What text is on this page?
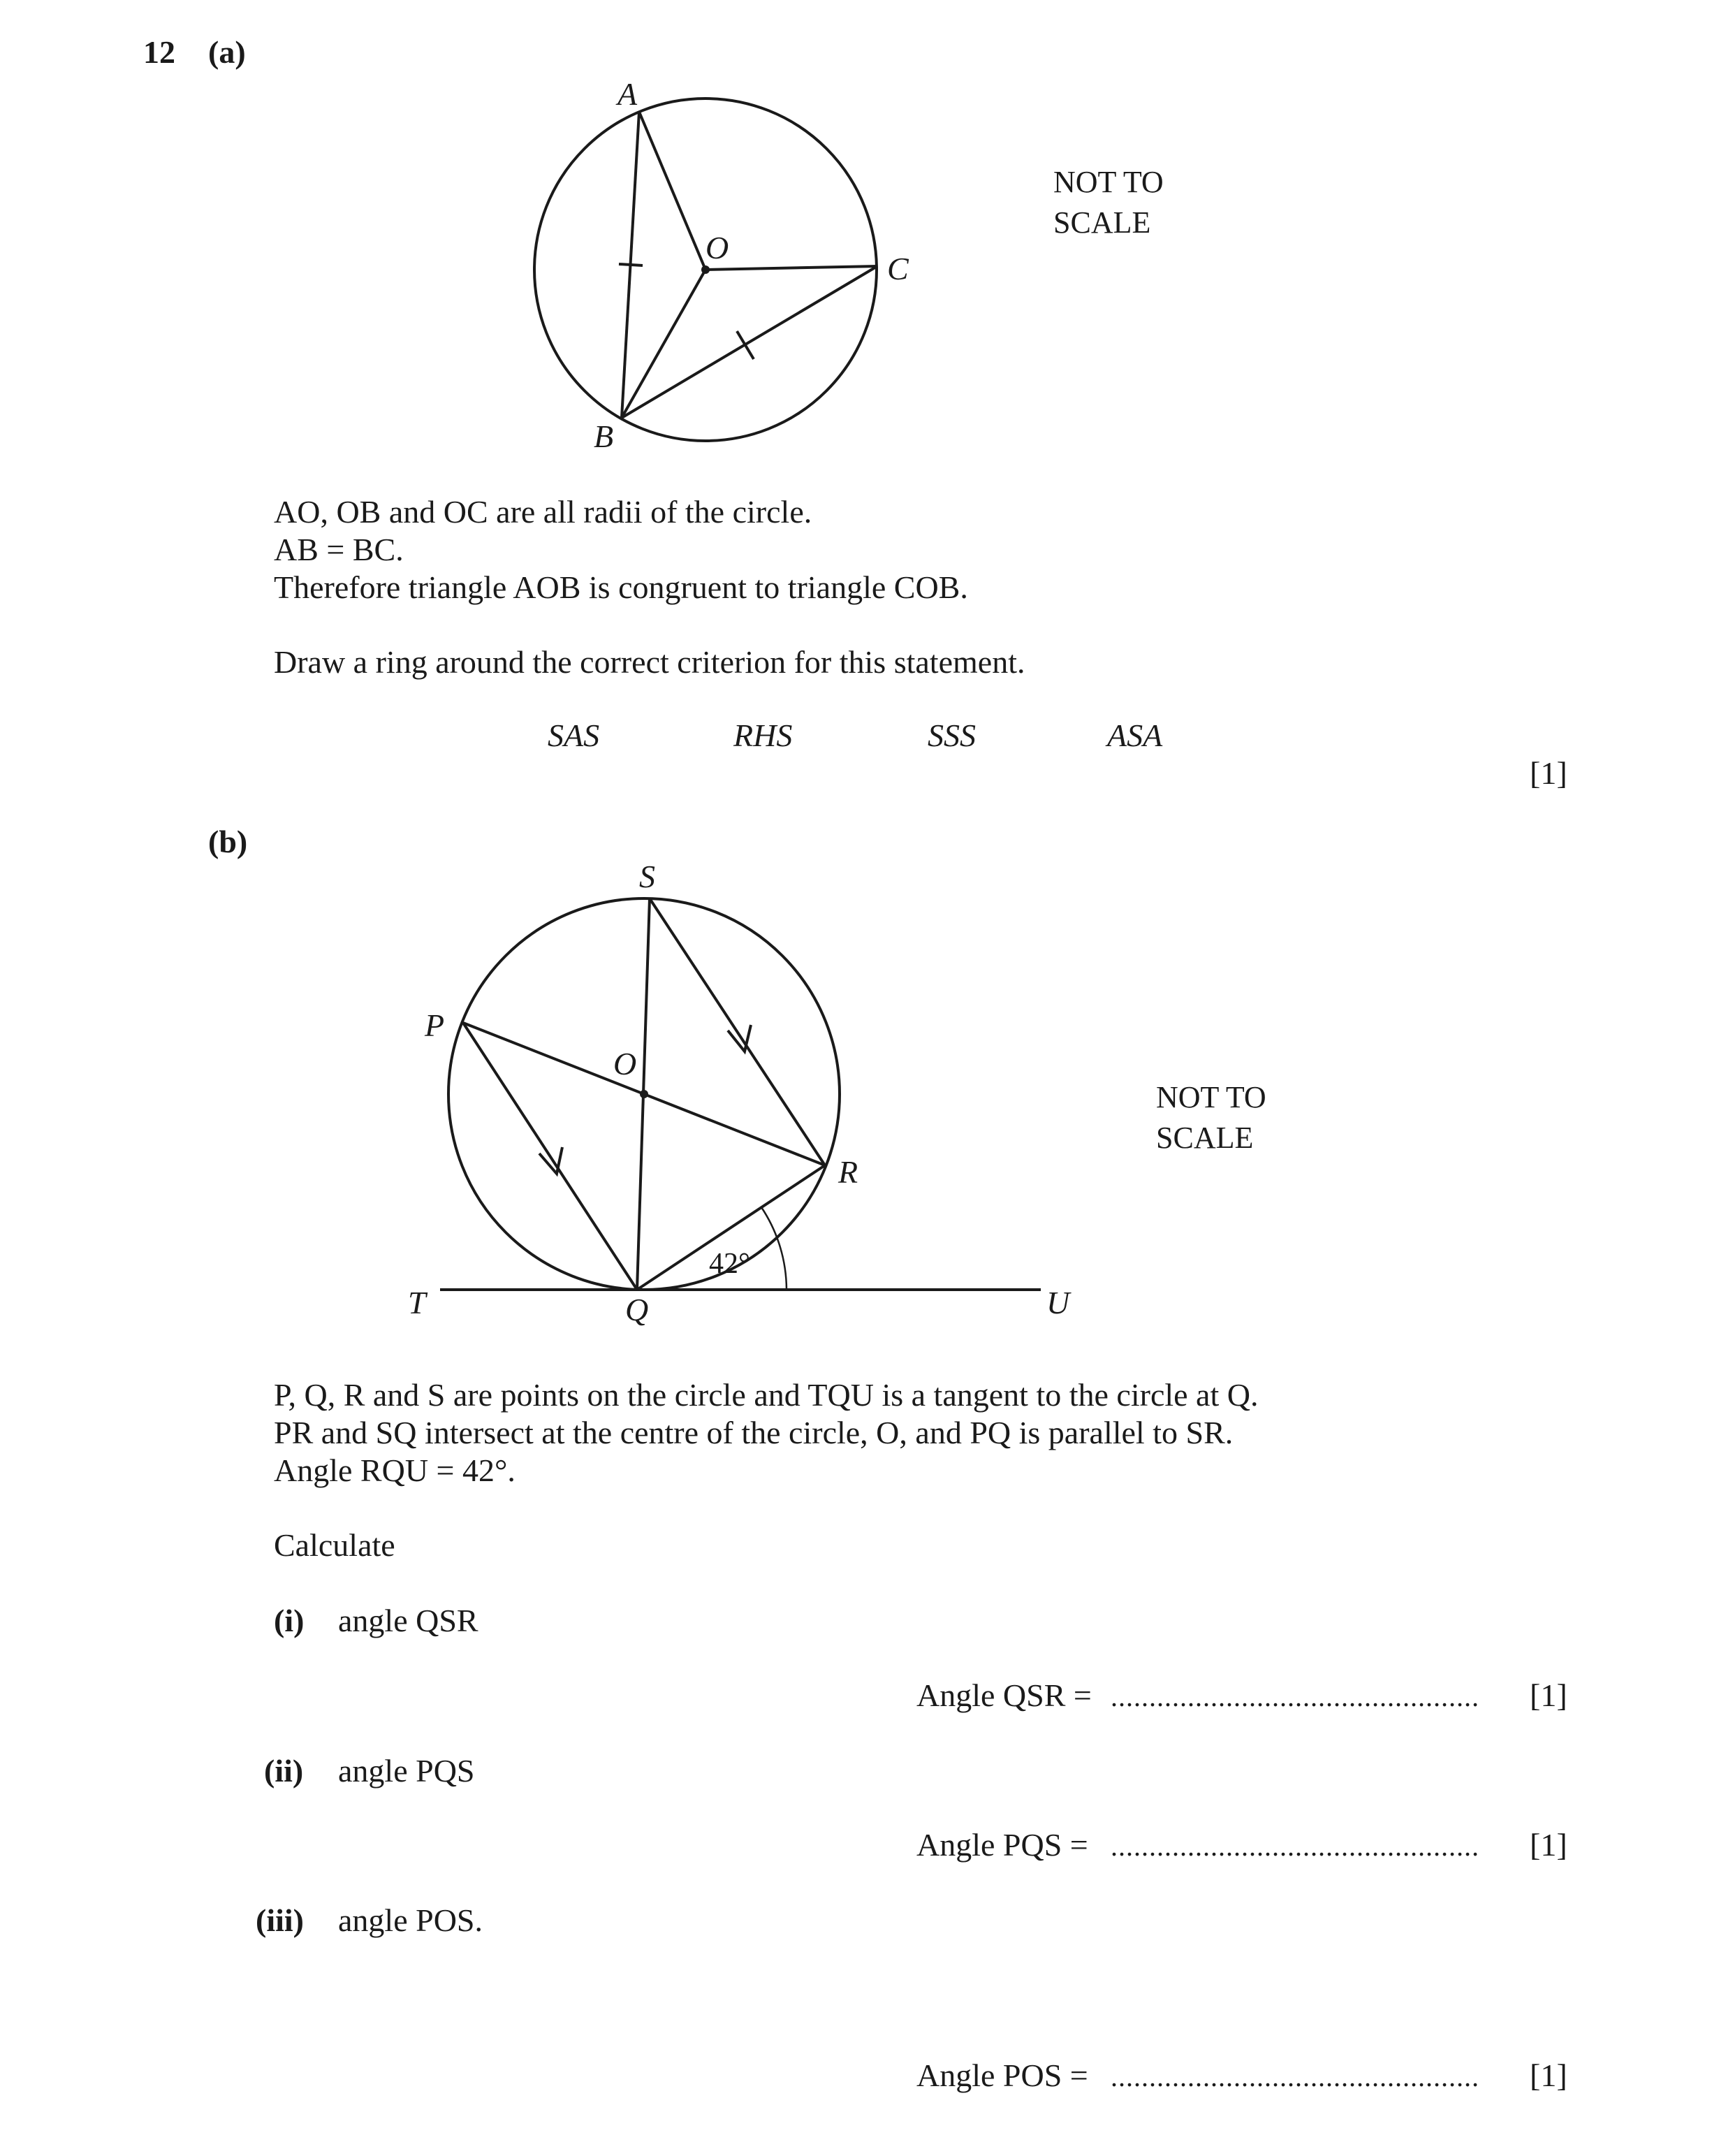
12 (a)
A
O
C
B
S
P
O
R
T	Q	U
42°
NOT TO
SCALE
AO, OB and OC are all radii of the circle.
AB = BC.
Therefore triangle AOB is congruent to triangle COB.
Draw a ring around the correct criterion for this statement.
SAS	RHS	SSS	ASA
[1]
(b)
NOT TO
SCALE
P, Q, R and S are points on the circle and TQU is a tangent to the circle at Q.
PR and SQ intersect at the centre of the circle, O, and PQ is parallel to SR.
Angle RQU = 42°.
Calculate
(i) angle QSR
Angle QSR = ................................................ [1]
(ii) angle PQS
Angle PQS = ................................................ [1]
(iii) angle POS.
Angle POS = ................................................ [1]
